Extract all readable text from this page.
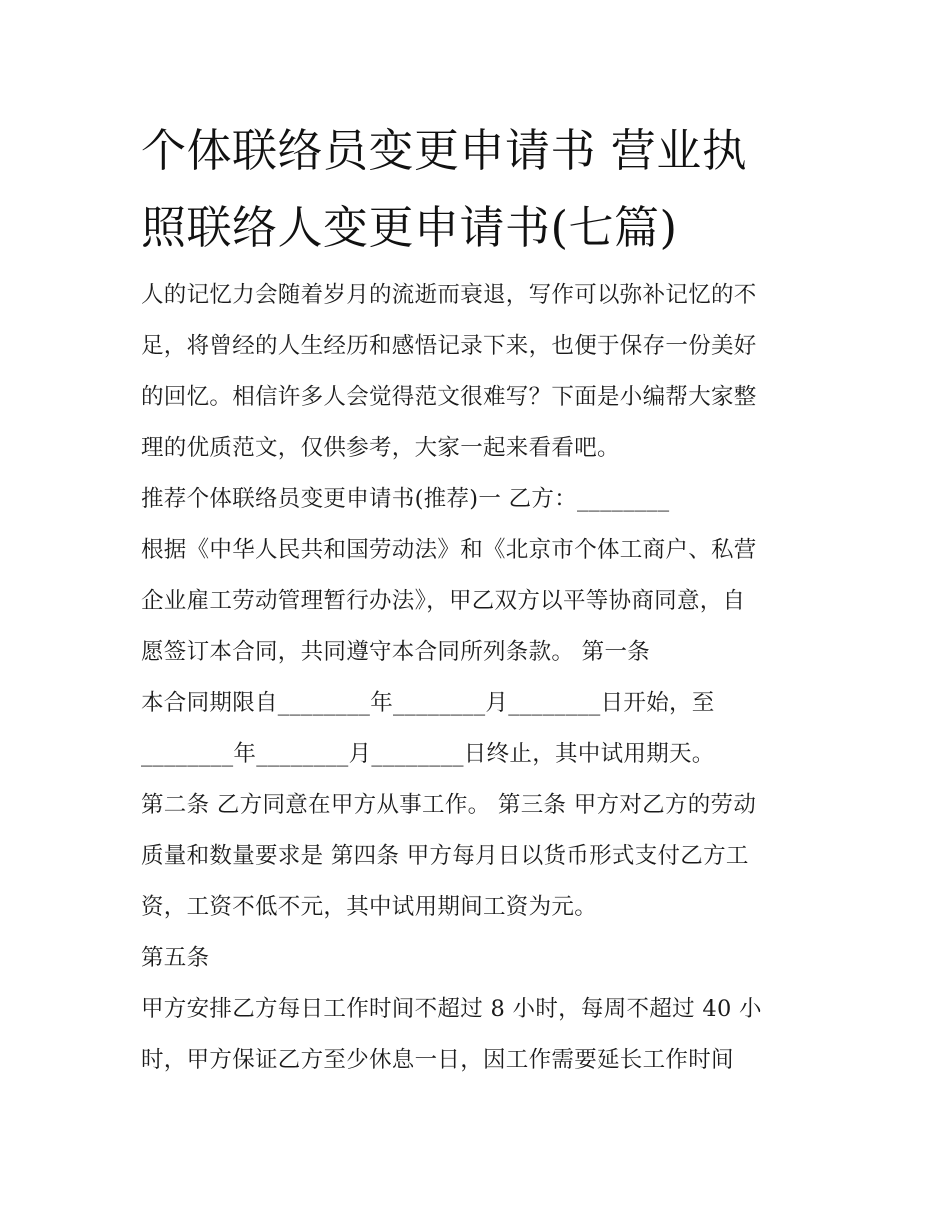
个体联络员变更申请书 营业执
照联络人变更申请书(七篇)

人的记忆力会随着岁月的流逝而衰退，写作可以弥补记忆的不
足，将曾经的人生经历和感悟记录下来，也便于保存一份美好
的回忆。相信许多人会觉得范文很难写？下面是小编帮大家整
理的优质范文，仅供参考，大家一起来看看吧。

推荐个体联络员变更申请书(推荐)一 乙方：________

根据《中华人民共和国劳动法》和《北京市个体工商户、私营
企业雇工劳动管理暂行办法》，甲乙双方以平等协商同意，自
愿签订本合同，共同遵守本合同所列条款。 第一条

本合同期限自________年________月________日开始，至
________年________月________日终止，其中试用期天。

第二条 乙方同意在甲方从事工作。 第三条 甲方对乙方的劳动
质量和数量要求是 第四条 甲方每月日以货币形式支付乙方工
资，工资不低不元，其中试用期间工资为元。

第五条

甲方安排乙方每日工作时间不超过 8 小时，每周不超过 40 小
时，甲方保证乙方至少休息一日，因工作需要延长工作时间
